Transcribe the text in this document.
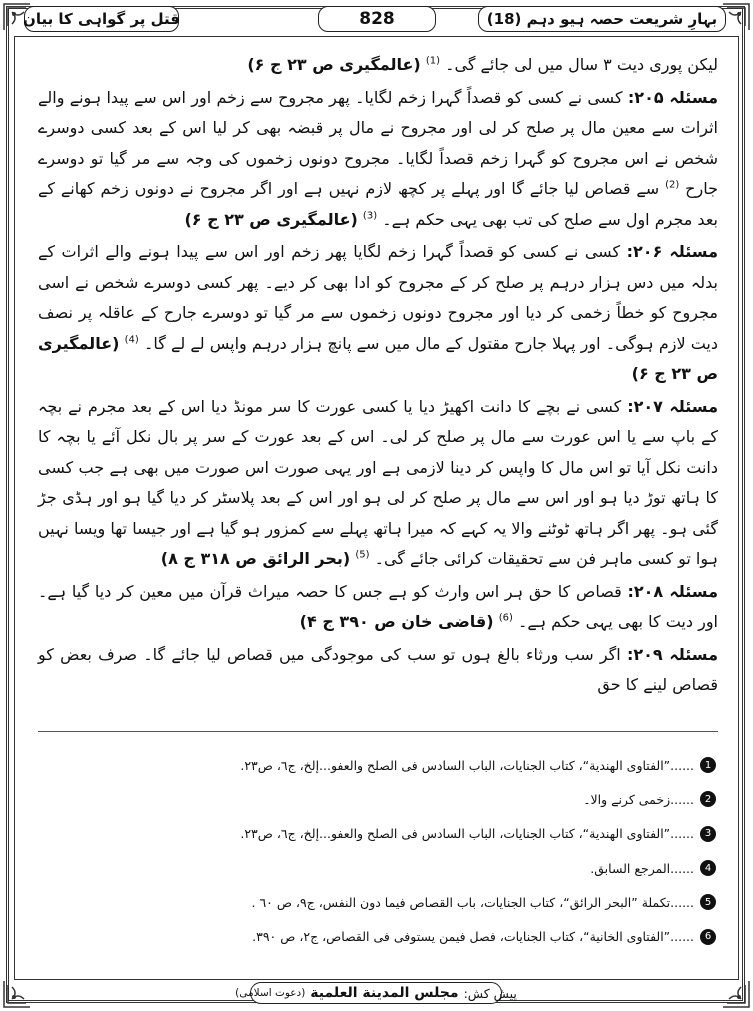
بہارِ شریعت حصہ ہیو دہم (18)
828
قتل پر گواہی کا بیان

لیکن پوری دیت ۳ سال میں لی جائے گی۔ $^{(1)}$ (عالمگیری ص ۲۳ ج ۶)

مسئلہ ۲۰۵: کسی نے کسی کو قصداً گہرا زخم لگایا۔ پھر مجروح سے زخم اور اس سے پیدا ہونے والے اثرات سے معین مال پر صلح کر لی اور مجروح نے مال پر قبضہ بھی کر لیا اس کے بعد کسی دوسرے شخص نے اس مجروح کو گہرا زخم قصداً لگایا۔ مجروح دونوں زخموں کی وجہ سے مر گیا تو دوسرے جارح $^{(2)}$ سے قصاص لیا جائے گا اور پہلے پر کچھ لازم نہیں ہے اور اگر مجروح نے دونوں زخم کھانے کے بعد مجرم اول سے صلح کی تب بھی یہی حکم ہے۔ $^{(3)}$ (عالمگیری ص ۲۳ ج ۶)

مسئلہ ۲۰۶: کسی نے کسی کو قصداً گہرا زخم لگایا پھر زخم اور اس سے پیدا ہونے والے اثرات کے بدلہ میں دس ہزار درہم پر صلح کر کے مجروح کو ادا بھی کر دیے۔ پھر کسی دوسرے شخص نے اسی مجروح کو خطاً زخمی کر دیا اور مجروح دونوں زخموں سے مر گیا تو دوسرے جارح کے عاقلہ پر نصف دیت لازم ہوگی۔ اور پہلا جارح مقتول کے مال میں سے پانچ ہزار درہم واپس لے لے گا۔ $^{(4)}$ (عالمگیری ص ۲۳ ج ۶)

مسئلہ ۲۰۷: کسی نے بچے کا دانت اکھیڑ دیا یا کسی عورت کا سر مونڈ دیا اس کے بعد مجرم نے بچہ کے باپ سے یا اس عورت سے مال پر صلح کر لی۔ اس کے بعد عورت کے سر پر بال نکل آئے یا بچہ کا دانت نکل آیا تو اس مال کا واپس کر دینا لازمی ہے اور یہی صورت اس صورت میں بھی ہے جب کسی کا ہاتھ توڑ دیا ہو اور اس سے مال پر صلح کر لی ہو اور اس کے بعد پلاسٹر کر دیا گیا ہو اور ہڈی جڑ گئی ہو۔ پھر اگر ہاتھ ٹوٹنے والا یہ کہے کہ میرا ہاتھ پہلے سے کمزور ہو گیا ہے اور جیسا تھا ویسا نہیں ہوا تو کسی ماہر فن سے تحقیقات کرائی جائے گی۔ $^{(5)}$ (بحر الرائق ص ۳۱۸ ج ۸)

مسئلہ ۲۰۸: قصاص کا حق ہر اس وارث کو ہے جس کا حصہ میراث قرآن میں معین کر دیا گیا ہے۔ اور دیت کا بھی یہی حکم ہے۔ $^{(6)}$ (قاضی خان ص ۳۹۰ ج ۴)

مسئلہ ۲۰۹: اگر سب ورثاء بالغ ہوں تو سب کی موجودگی میں قصاص لیا جائے گا۔ صرف بعض کو قصاص لینے کا حق

1
......”الفتاوی الھندیة“، کتاب الجنایات، الباب السادس فی الصلح والعفو...إلخ، ج٦، ص٢٣.
2
......زخمی کرنے والا۔
3
......”الفتاوی الھندیة“، کتاب الجنایات، الباب السادس فی الصلح والعفو...إلخ، ج٦، ص٢٣.
4
......المرجع السابق.
5
......تکملة ”البحر الرائق“، کتاب الجنایات، باب القصاص فیما دون النفس، ج٩، ص ٦٠ .
6
......”الفتاوی الخانیة“، کتاب الجنایات، فصل فیمن یستوفی فی القصاص، ج٢، ص ٣٩٠.
پیش کش:
مجلس المدینة العلمیة
(دعوت اسلامی)
